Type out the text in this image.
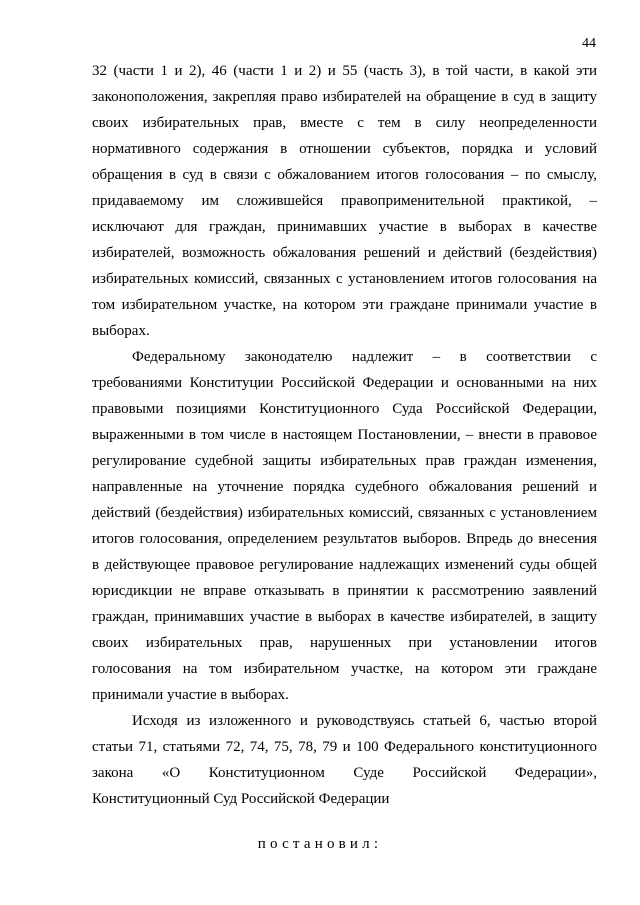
44
32 (части 1 и 2), 46 (части 1 и 2) и 55 (часть 3), в той части, в какой эти
законоположения, закрепляя право избирателей на обращение в суд в защиту
своих избирательных прав, вместе с тем в силу неопределенности
нормативного содержания в отношении субъектов, порядка и условий
обращения в суд в связи с обжалованием итогов голосования – по смыслу,
придаваемому им сложившейся правоприменительной практикой, –
исключают для граждан, принимавших участие в выборах в качестве
избирателей, возможность обжалования решений и действий (бездействия)
избирательных комиссий, связанных с установлением итогов голосования на
том избирательном участке, на котором эти граждане принимали участие в
выборах.
Федеральному законодателю надлежит – в соответствии с
требованиями Конституции Российской Федерации и основанными на них
правовыми позициями Конституционного Суда Российской Федерации,
выраженными в том числе в настоящем Постановлении, – внести в правовое
регулирование судебной защиты избирательных прав граждан изменения,
направленные на уточнение порядка судебного обжалования решений и
действий (бездействия) избирательных комиссий, связанных с установлением
итогов голосования, определением результатов выборов. Впредь до внесения
в действующее правовое регулирование надлежащих изменений суды общей
юрисдикции не вправе отказывать в принятии к рассмотрению заявлений
граждан, принимавших участие в выборах в качестве избирателей, в защиту
своих избирательных прав, нарушенных при установлении итогов
голосования на том избирательном участке, на котором эти граждане
принимали участие в выборах.
Исходя из изложенного и руководствуясь статьей 6, частью второй
статьи 71, статьями 72, 74, 75, 78, 79 и 100 Федерального конституционного
закона «О Конституционном Суде Российской Федерации»,
Конституционный Суд Российской Федерации
постановил:
